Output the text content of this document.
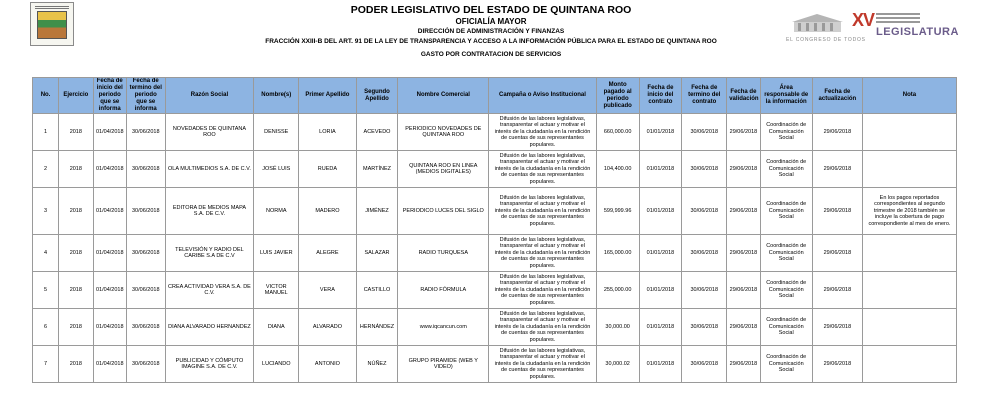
PODER LEGISLATIVO DEL ESTADO DE QUINTANA ROO
OFICIALÍA MAYOR
DIRECCIÓN DE ADMINISTRACIÓN Y FINANZAS
FRACCIÓN XXIII-B DEL ART. 91 DE LA LEY DE TRANSPARENCIA Y ACCESO A LA INFORMACIÓN PÚBLICA PARA EL ESTADO DE QUINTANA ROO
GASTO POR CONTRATACION DE SERVICIOS
XV
LEGISLATURA
EL CONGRESO DE TODOS
No.	Ejercicio	Fecha de inicio del periodo que se informa	Fecha de termino del periodo que se informa	Razón Social	Nombre(s)	Primer Apellido	Segundo Apellido	Nombre Comercial	Campaña o Aviso Institucional	Monto pagado al periodo publicado	Fecha de inicio del contrato	Fecha de termino del contrato	Fecha de validación	Área responsable de la información	Fecha de actualización	Nota
1	2018	01/04/2018	30/06/2018	NOVEDADES DE QUINTANA ROO	DENISSE	LORIA	ACEVEDO	PERIODICO NOVEDADES DE QUINTANA ROO	Difusión de las labores legislativas, transparentar el actuar y motivar el interés de la ciudadanía en la rendición de cuentas de sus representantes populares.	660,000.00	01/01/2018	30/06/2018	29/06/2018	Coordinación de Comunicación Social	29/06/2018	
2	2018	01/04/2018	30/06/2018	OLA MULTIMEDIOS S.A. DE C.V.	JOSÉ LUIS	RUEDA	MARTÍNEZ	QUINTANA ROO EN LINEA (MEDIOS DIGITALES)	Difusión de las labores legislativas, transparentar el actuar y motivar el interés de la ciudadanía en la rendición de cuentas de sus representantes populares.	104,400.00	01/01/2018	30/06/2018	29/06/2018	Coordinación de Comunicación Social	29/06/2018	
3	2018	01/04/2018	30/06/2018	EDITORA DE MEDIOS MAPA S.A. DE C.V.	NORMA	MADERO	JIMÉNEZ	PERIODICO LUCES DEL SIGLO	Difusión de las labores legislativas, transparentar el actuar y motivar el interés de la ciudadanía en la rendición de cuentas de sus representantes populares.	599,999.96	01/01/2018	30/06/2018	29/06/2018	Coordinación de Comunicación Social	29/06/2018	En los pagos reportados correspondientes al segundo trimestre de 2018 también se incluye la cobertura de pago correspondiente al mes de enero.
4	2018	01/04/2018	30/06/2018	TELEVISIÓN Y RADIO DEL CARIBE S.A DE C.V	LUIS JAVIER	ALEGRE	SALAZAR	RADIO TURQUESA	Difusión de las labores legislativas, transparentar el actuar y motivar el interés de la ciudadanía en la rendición de cuentas de sus representantes populares.	165,000.00	01/01/2018	30/06/2018	29/06/2018	Coordinación de Comunicación Social	29/06/2018	
5	2018	01/04/2018	30/06/2018	CREA ACTIVIDAD VERA S.A. DE C.V.	VICTOR MANUEL	VERA	CASTILLO	RADIO FÓRMULA	Difusión de las labores legislativas, transparentar el actuar y motivar el interés de la ciudadanía en la rendición de cuentas de sus representantes populares.	255,000.00	01/01/2018	30/06/2018	29/06/2018	Coordinación de Comunicación Social	29/06/2018	
6	2018	01/04/2018	30/06/2018	DIANA ALVARADO HERNANDEZ	DIANA	ALVARADO	HERNÁNDEZ	www.iqcancun.com	Difusión de las labores legislativas, transparentar el actuar y motivar el interés de la ciudadanía en la rendición de cuentas de sus representantes populares.	30,000.00	01/01/2018	30/06/2018	29/06/2018	Coordinación de Comunicación Social	29/06/2018	
7	2018	01/04/2018	30/06/2018	PUBLICIDAD Y CÓMPUTO IMAGINE S.A. DE C.V.	LUCIANDO	ANTONIO	NÚÑEZ	GRUPO PIRAMIDE (WEB Y VIDEO)	Difusión de las labores legislativas, transparentar el actuar y motivar el interés de la ciudadanía en la rendición de cuentas de sus representantes populares.	30,000.02	01/01/2018	30/06/2018	29/06/2018	Coordinación de Comunicación Social	29/06/2018	
